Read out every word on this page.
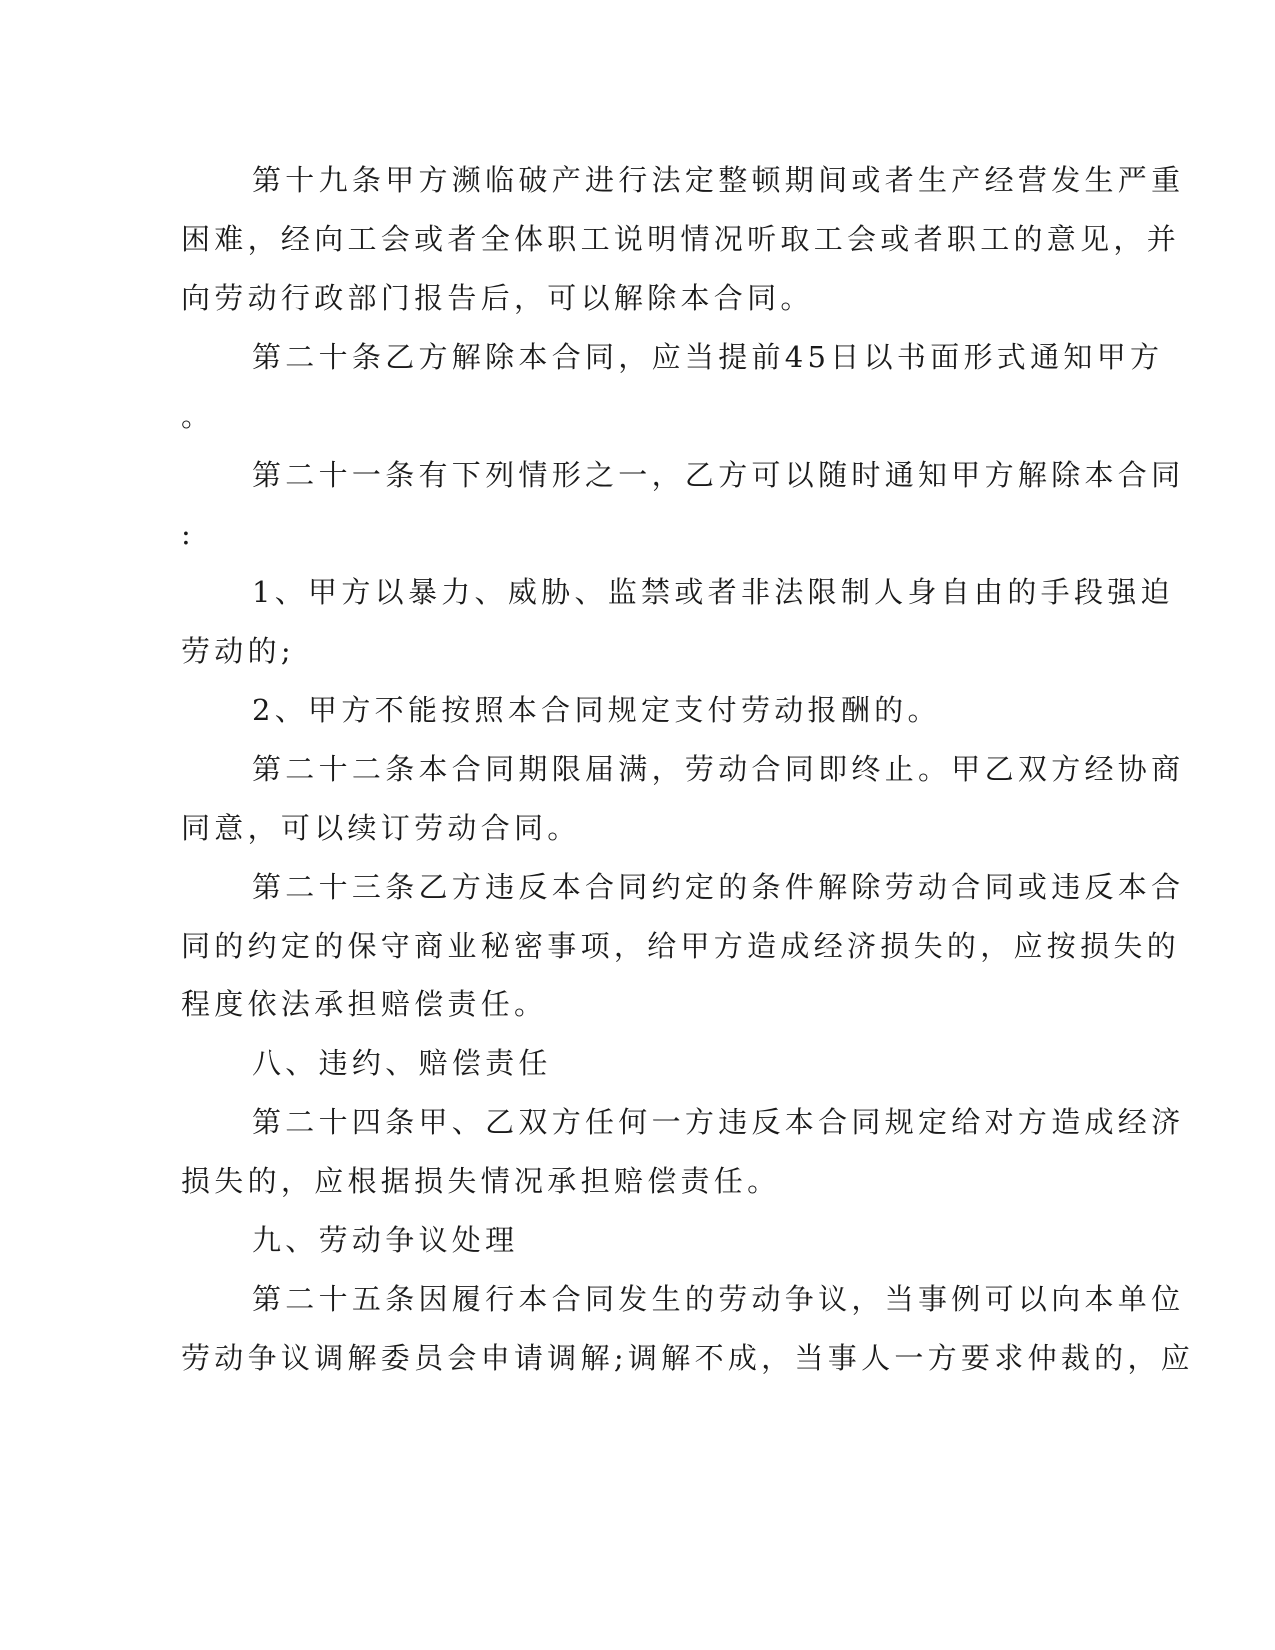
第十九条甲方濒临破产进行法定整顿期间或者生产经营发生严重

困难，经向工会或者全体职工说明情况听取工会或者职工的意见，并

向劳动行政部门报告后，可以解除本合同。

第二十条乙方解除本合同，应当提前45日以书面形式通知甲方

。

第二十一条有下列情形之一，乙方可以随时通知甲方解除本合同

:

1、甲方以暴力、威胁、监禁或者非法限制人身自由的手段强迫

劳动的;

2、甲方不能按照本合同规定支付劳动报酬的。

第二十二条本合同期限届满，劳动合同即终止。甲乙双方经协商

同意，可以续订劳动合同。

第二十三条乙方违反本合同约定的条件解除劳动合同或违反本合

同的约定的保守商业秘密事项，给甲方造成经济损失的，应按损失的

程度依法承担赔偿责任。

八、违约、赔偿责任

第二十四条甲、乙双方任何一方违反本合同规定给对方造成经济

损失的，应根据损失情况承担赔偿责任。

九、劳动争议处理

第二十五条因履行本合同发生的劳动争议，当事例可以向本单位

劳动争议调解委员会申请调解;调解不成，当事人一方要求仲裁的，应
